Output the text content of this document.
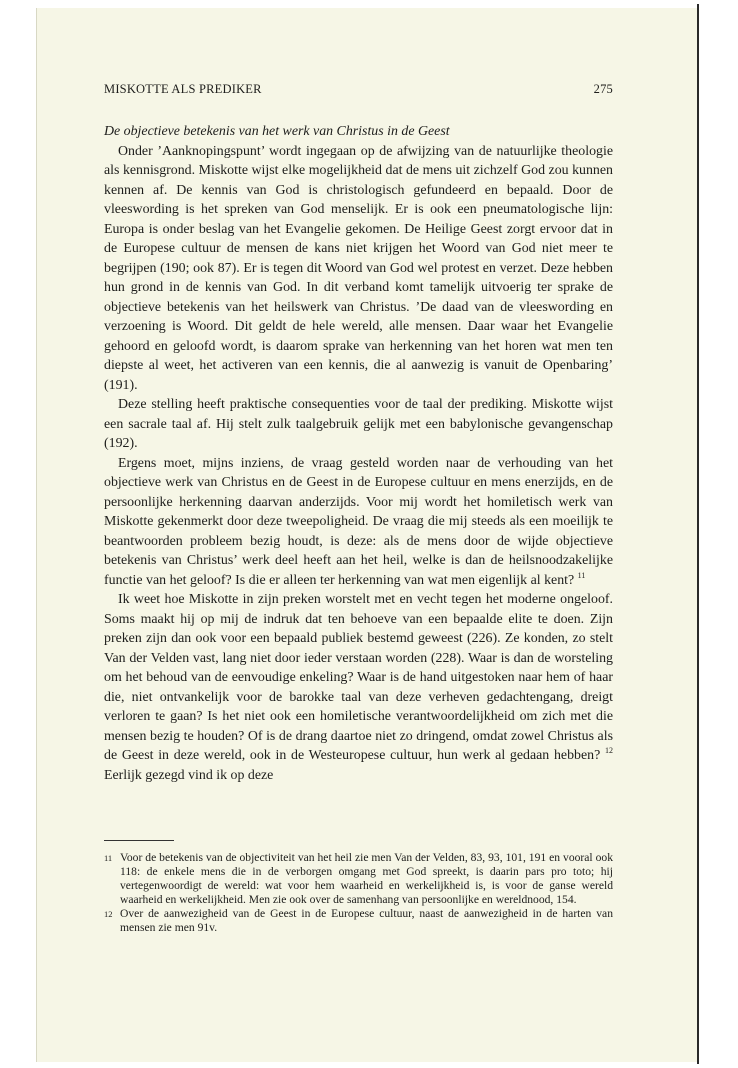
MISKOTTE ALS PREDIKER	275

De objectieve betekenis van het werk van Christus in de Geest

Onder ’Aanknopingspunt’ wordt ingegaan op de afwijzing van de natuurlijke theologie als kennisgrond. Miskotte wijst elke mogelijkheid dat de mens uit zichzelf God zou kunnen kennen af. De kennis van God is christologisch gefundeerd en bepaald. Door de vleeswording is het spreken van God menselijk. Er is ook een pneumatologische lijn: Europa is onder beslag van het Evangelie gekomen. De Heilige Geest zorgt ervoor dat in de Europese cultuur de mensen de kans niet krijgen het Woord van God niet meer te begrijpen (190; ook 87). Er is tegen dit Woord van God wel protest en verzet. Deze hebben hun grond in de kennis van God. In dit verband komt tamelijk uitvoerig ter sprake de objectieve betekenis van het heilswerk van Christus. ’De daad van de vleeswording en verzoening is Woord. Dit geldt de hele wereld, alle mensen. Daar waar het Evangelie gehoord en geloofd wordt, is daarom sprake van herkenning van het horen wat men ten diepste al weet, het activeren van een kennis, die al aanwezig is vanuit de Openbaring’ (191).

Deze stelling heeft praktische consequenties voor de taal der prediking. Miskotte wijst een sacrale taal af. Hij stelt zulk taalgebruik gelijk met een babylonische gevangenschap (192).

Ergens moet, mijns inziens, de vraag gesteld worden naar de verhouding van het objectieve werk van Christus en de Geest in de Europese cultuur en mens enerzijds, en de persoonlijke herkenning daarvan anderzijds. Voor mij wordt het homiletisch werk van Miskotte gekenmerkt door deze tweepoligheid. De vraag die mij steeds als een moeilijk te beantwoorden probleem bezig houdt, is deze: als de mens door de wijde objectieve betekenis van Christus’ werk deel heeft aan het heil, welke is dan de heilsnoodzakelijke functie van het geloof? Is die er alleen ter herkenning van wat men eigenlijk al kent? $^{11}$

Ik weet hoe Miskotte in zijn preken worstelt met en vecht tegen het moderne ongeloof. Soms maakt hij op mij de indruk dat ten behoeve van een bepaalde elite te doen. Zijn preken zijn dan ook voor een bepaald publiek bestemd geweest (226). Ze konden, zo stelt Van der Velden vast, lang niet door ieder verstaan worden (228). Waar is dan de worsteling om het behoud van de eenvoudige enkeling? Waar is de hand uitgestoken naar hem of haar die, niet ontvankelijk voor de barokke taal van deze verheven gedachtengang, dreigt verloren te gaan? Is het niet ook een homiletische verantwoordelijkheid om zich met die mensen bezig te houden? Of is de drang daartoe niet zo dringend, omdat zowel Christus als de Geest in deze wereld, ook in de Westeuropese cultuur, hun werk al gedaan hebben? $^{12}$ Eerlijk gezegd vind ik op deze

11 Voor de betekenis van de objectiviteit van het heil zie men Van der Velden, 83, 93, 101, 191 en vooral ook 118: de enkele mens die in de verborgen omgang met God spreekt, is daarin pars pro toto; hij vertegenwoordigt de wereld: wat voor hem waarheid en werkelijkheid is, is voor de ganse wereld waarheid en werkelijkheid. Men zie ook over de samenhang van persoonlijke en wereldnood, 154.
12 Over de aanwezigheid van de Geest in de Europese cultuur, naast de aanwezigheid in de harten van mensen zie men 91v.
